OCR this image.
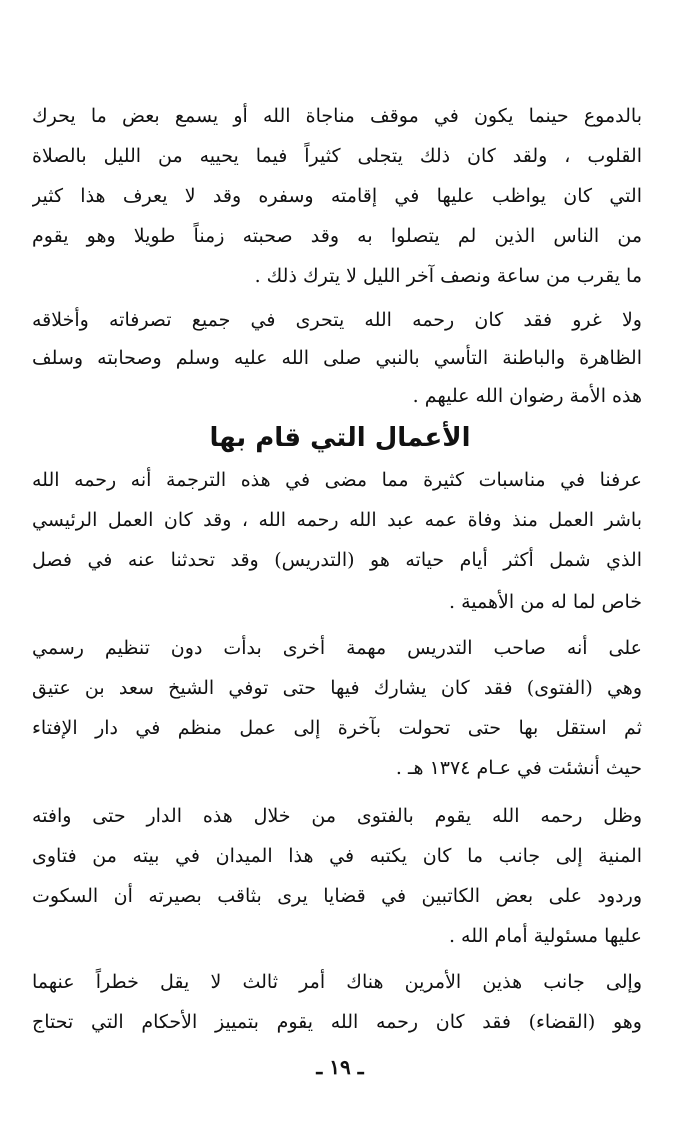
بالدموع حينما يكون في موقف مناجاة الله أو يسمع بعض ما يحرك
القلوب ، ولقد كان ذلك يتجلى كثيراً فيما يحييه من الليل بالصلاة
التي كان يواظب عليها في إقامته وسفره وقد لا يعرف هذا كثير
من الناس الذين لم يتصلوا به وقد صحبته زمناً طويلا وهو يقوم
ما يقرب من ساعة ونصف آخر الليل لا يترك ذلك .
ولا غرو فقد كان رحمه الله يتحرى في جميع تصرفاته وأخلاقه
الظاهرة والباطنة التأسي بالنبي صلى الله عليه وسلم وصحابته وسلف
هذه الأمة رضوان الله عليهم .
الأعمال التي قام بها
عرفنا في مناسبات كثيرة مما مضى في هذه الترجمة أنه رحمه الله
باشر العمل منذ وفاة عمه عبد الله رحمه الله ، وقد كان العمل الرئيسي
الذي شمل أكثر أيام حياته هو (التدريس) وقد تحدثنا عنه في فصل
خاص لما له من الأهمية .
على أنه صاحب التدريس مهمة أخرى بدأت دون تنظيم رسمي
وهي (الفتوى) فقد كان يشارك فيها حتى توفي الشيخ سعد بن عتيق
ثم استقل بها حتى تحولت بآخرة إلى عمل منظم في دار الإفتاء
حيث أنشئت في عـام ١٣٧٤ هـ .
وظل رحمه الله يقوم بالفتوى من خلال هذه الدار حتى وافته
المنية إلى جانب ما كان يكتبه في هذا الميدان في بيته من فتاوى
وردود على بعض الكاتبين في قضايا يرى بثاقب بصيرته أن السكوت
عليها مسئولية أمام الله .
وإلى جانب هذين الأمرين هناك أمر ثالث لا يقل خطراً عنهما
وهو (القضاء) فقد كان رحمه الله يقوم بتمييز الأحكام التي تحتاج
ـ ١٩ ـ
